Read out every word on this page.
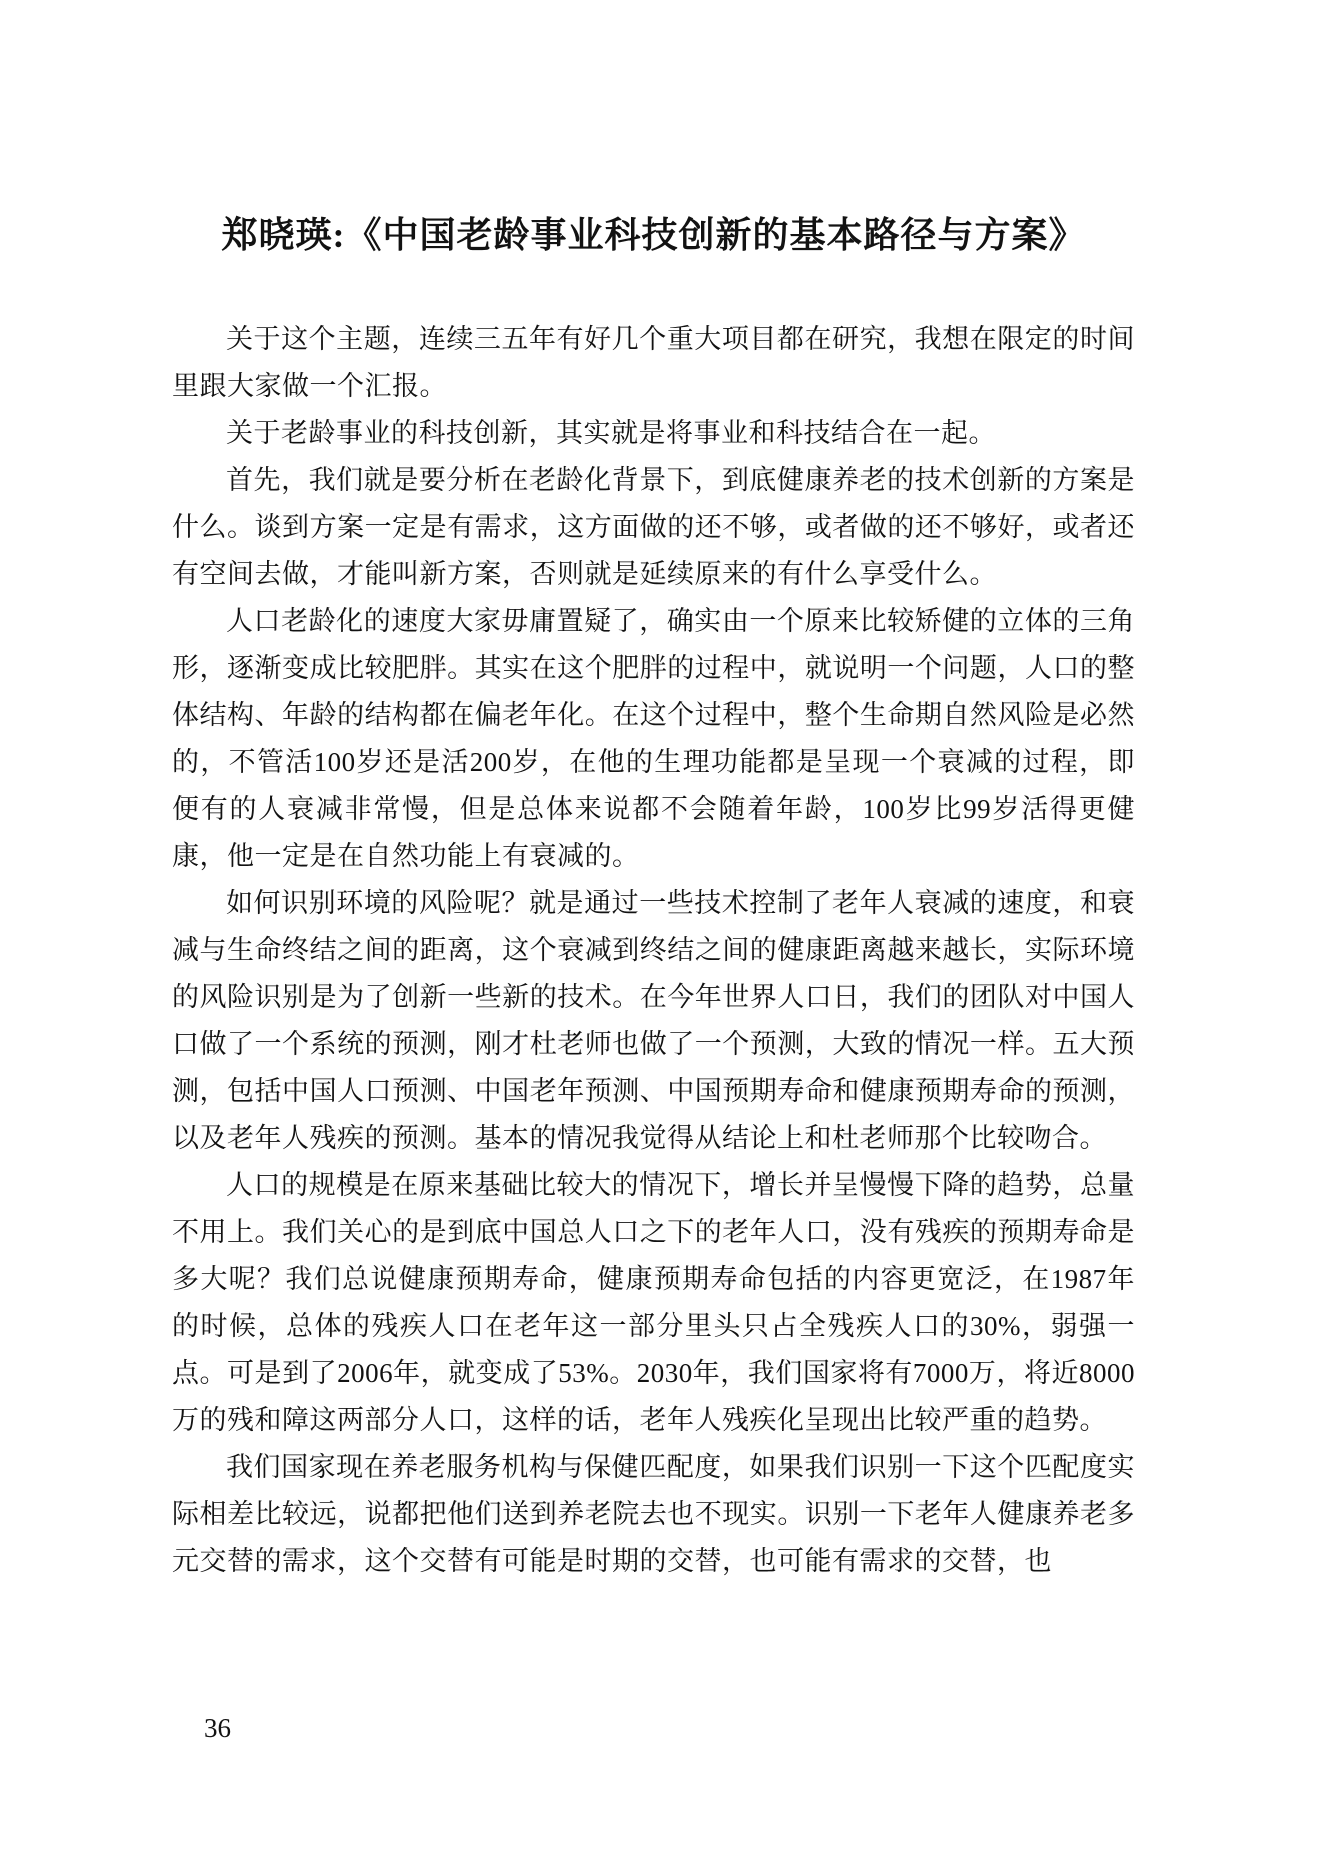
郑晓瑛:《中国老龄事业科技创新的基本路径与方案》

关于这个主题，连续三五年有好几个重大项目都在研究，我想在限定的时间里跟大家做一个汇报。

关于老龄事业的科技创新，其实就是将事业和科技结合在一起。

首先，我们就是要分析在老龄化背景下，到底健康养老的技术创新的方案是什么。谈到方案一定是有需求，这方面做的还不够，或者做的还不够好，或者还有空间去做，才能叫新方案，否则就是延续原来的有什么享受什么。

人口老龄化的速度大家毋庸置疑了，确实由一个原来比较矫健的立体的三角形，逐渐变成比较肥胖。其实在这个肥胖的过程中，就说明一个问题，人口的整体结构、年龄的结构都在偏老年化。在这个过程中，整个生命期自然风险是必然的，不管活100岁还是活200岁，在他的生理功能都是呈现一个衰减的过程，即便有的人衰减非常慢，但是总体来说都不会随着年龄，100岁比99岁活得更健康，他一定是在自然功能上有衰减的。

如何识别环境的风险呢？就是通过一些技术控制了老年人衰减的速度，和衰减与生命终结之间的距离，这个衰减到终结之间的健康距离越来越长，实际环境的风险识别是为了创新一些新的技术。在今年世界人口日，我们的团队对中国人口做了一个系统的预测，刚才杜老师也做了一个预测，大致的情况一样。五大预测，包括中国人口预测、中国老年预测、中国预期寿命和健康预期寿命的预测，以及老年人残疾的预测。基本的情况我觉得从结论上和杜老师那个比较吻合。

人口的规模是在原来基础比较大的情况下，增长并呈慢慢下降的趋势，总量不用上。我们关心的是到底中国总人口之下的老年人口，没有残疾的预期寿命是多大呢？我们总说健康预期寿命，健康预期寿命包括的内容更宽泛，在1987年的时候，总体的残疾人口在老年这一部分里头只占全残疾人口的30%，弱强一点。可是到了2006年，就变成了53%。2030年，我们国家将有7000万，将近8000万的残和障这两部分人口，这样的话，老年人残疾化呈现出比较严重的趋势。

我们国家现在养老服务机构与保健匹配度，如果我们识别一下这个匹配度实际相差比较远，说都把他们送到养老院去也不现实。识别一下老年人健康养老多元交替的需求，这个交替有可能是时期的交替，也可能有需求的交替，也

36
